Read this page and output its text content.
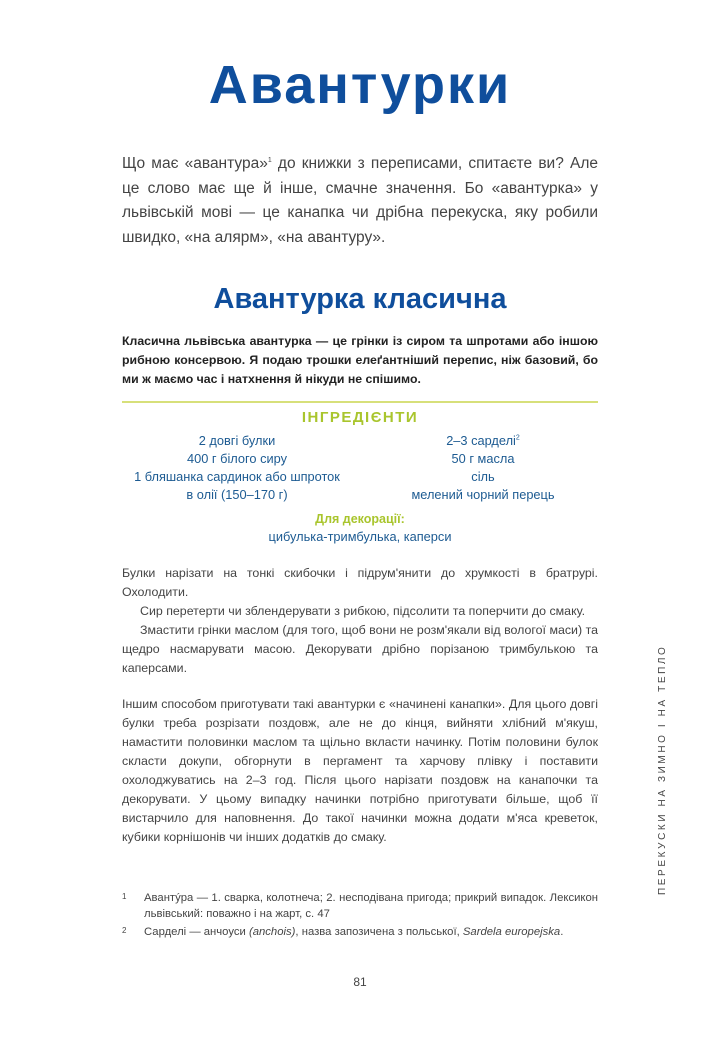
Авантурки
Що має «авантура»$^1$ до книжки з переписами, спитаєте ви? Але це слово має ще й інше, смачне значення. Бо «авантурка» у львівській мові — це канапка чи дрібна перекуска, яку робили швидко, «на алярм», «на авантуру».
Авантурка класична
Класична львівська авантурка — це грінки із сиром та шпротами або іншою рибною консервою. Я подаю трошки елеґантніший перепис, ніж базовий, бо ми ж маємо час і натхнення й нікуди не спішимо.
ІНГРЕДІЄНТИ
2 довгі булки
400 г білого сиру
1 бляшанка сардинок або шпроток
в олії (150–170 г)
2–3 сарделі$^2$
50 г масла
сіль
мелений чорний перець
Для декорації:
цибулька-тримбулька, каперси

Булки нарізати на тонкі скибочки і підрум'янити до хрумкості в братрурі. Охолодити.

Сир перетерти чи зблендерувати з рибкою, підсолити та поперчити до смаку.

Змастити грінки маслом (для того, щоб вони не розм'якали від вологої маси) та щедро насмарувати масою. Декорувати дрібно порізаною тримбулькою та каперсами.

Іншим способом приготувати такі авантурки є «начинені канапки». Для цього довгі булки треба розрізати поздовж, але не до кінця, вийняти хлібний м'якуш, намастити половинки маслом та щільно вкласти начинку. Потім половини булок скласти докупи, обгорнути в пергамент та харчову плівку і поставити охолоджуватись на 2–3 год. Після цього нарізати поздовж на канапочки та декорувати. У цьому випадку начинки потрібно приготувати більше, щоб її вистарчило для наповнення. До такої начинки можна додати м'яса креветок, кубики корнішонів чи інших додатків до смаку.

1	Авантýра — 1. сварка, колотнеча; 2. несподівана пригода; прикрий випадок. Лексикон львівський: поважно і на жарт, с. 47
2	Сарделі — анчоуси (anchois), назва запозичена з польської, Sardela europejska.
81
ПЕРЕКУСКИ НА ЗИМНО І НА ТЕПЛО
